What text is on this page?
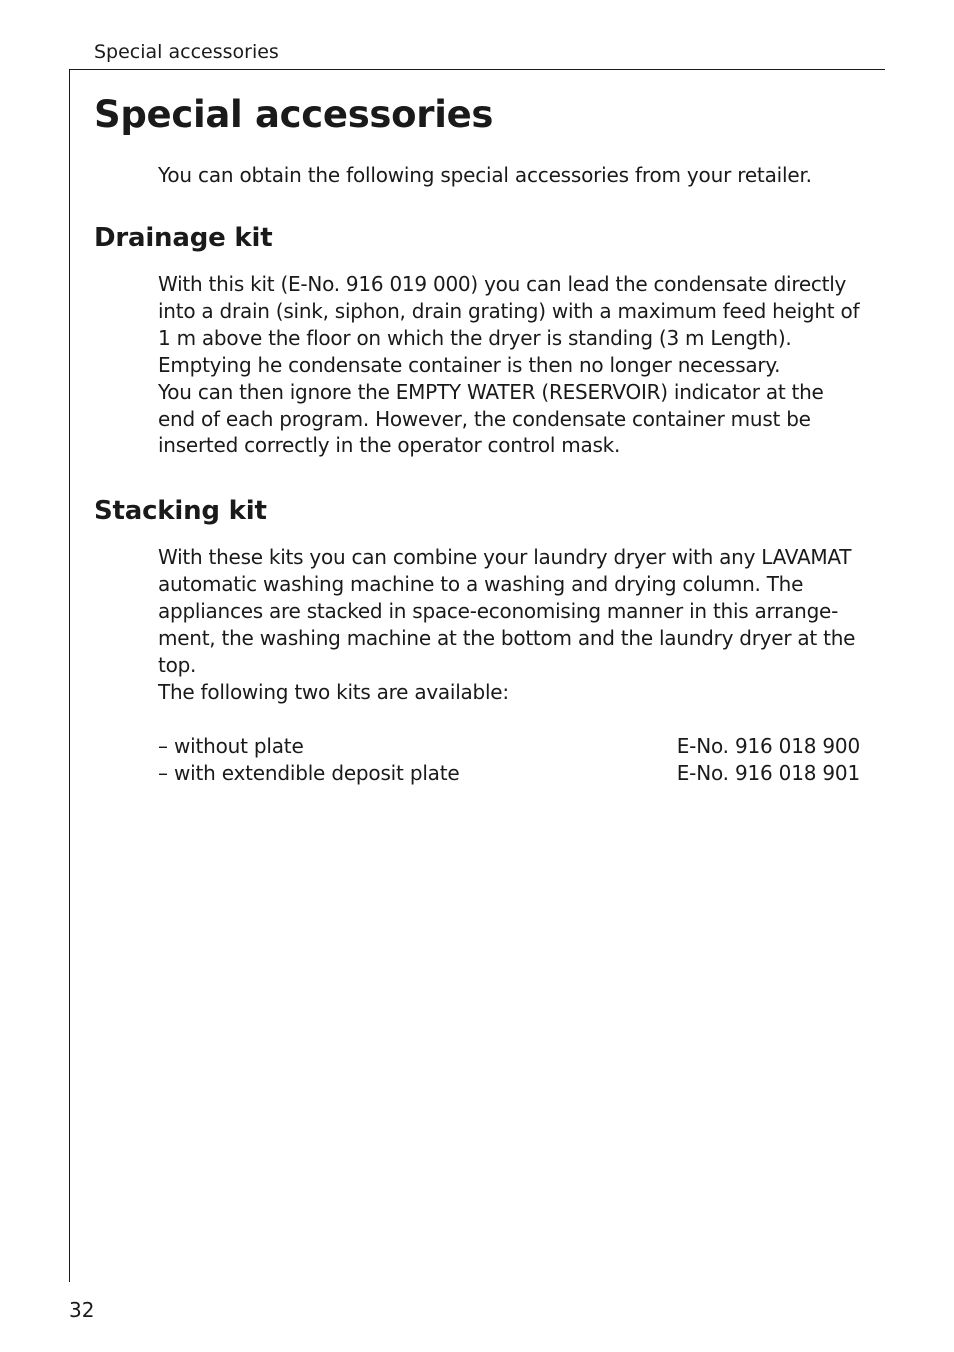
Special accessories
Special accessories

You can obtain the following special accessories from your retailer.

Drainage kit
With this kit (E-No. 916 019 000) you can lead the condensate directly
into a drain (sink, siphon, drain grating) with a maximum feed height of
1 m above the floor on which the dryer is standing (3 m Length).
Emptying he condensate container is then no longer necessary.
You can then ignore the EMPTY WATER (RESERVOIR) indicator at the
end of each program. However, the condensate container must be
inserted correctly in the operator control mask.
Stacking kit
With these kits you can combine your laundry dryer with any LAVAMAT
automatic washing machine to a washing and drying column. The
appliances are stacked in space-economising manner in this arrange-
ment, the washing machine at the bottom and the laundry dryer at the
top.
The following two kits are available:
– without plate	E-No. 916 018 900
– with extendible deposit plate	E-No. 916 018 901
32
